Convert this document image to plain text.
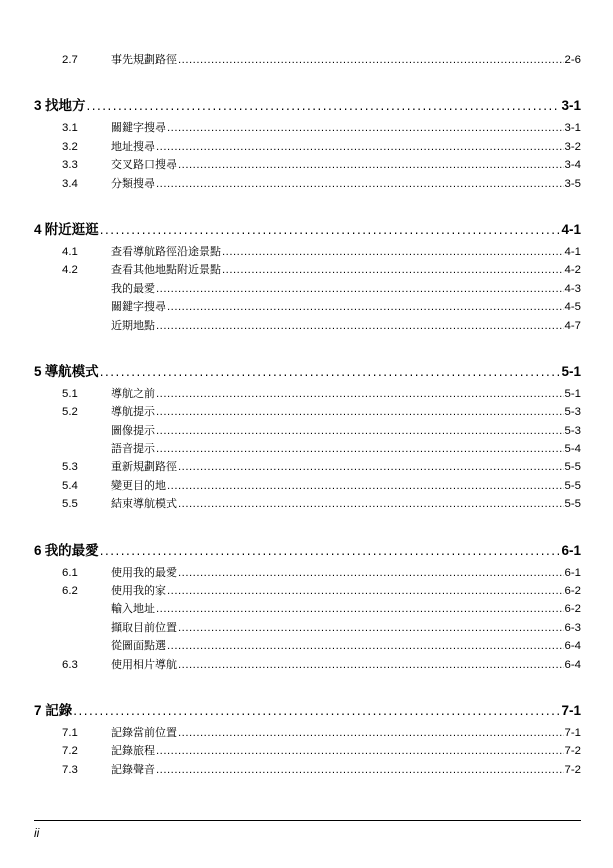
2.7	事先規劃路徑 .....	2-6
3 找地方 .....	3-1
3.1	關鍵字搜尋 .....	3-1
3.2	地址搜尋 .....	3-2
3.3	交叉路口搜尋 .....	3-4
3.4	分類搜尋 .....	3-5
4 附近逛逛 .....	4-1
4.1	查看導航路徑沿途景點 .....	4-1
4.2	查看其他地點附近景點 .....	4-2
我的最愛 .....	4-3
關鍵字搜尋 .....	4-5
近期地點 .....	4-7
5 導航模式 .....	5-1
5.1	導航之前 .....	5-1
5.2	導航提示 .....	5-3
圖像提示 .....	5-3
語音提示 .....	5-4
5.3	重新規劃路徑 .....	5-5
5.4	變更目的地 .....	5-5
5.5	結束導航模式 .....	5-5
6 我的最愛 .....	6-1
6.1	使用我的最愛 .....	6-1
6.2	使用我的家 .....	6-2
輸入地址 .....	6-2
擷取目前位置 .....	6-3
從圖面點選 .....	6-4
6.3	使用相片導航 .....	6-4
7 記錄 .....	7-1
7.1	記錄當前位置 .....	7-1
7.2	記錄旅程 .....	7-2
7.3	記錄聲音 .....	7-2
ii
